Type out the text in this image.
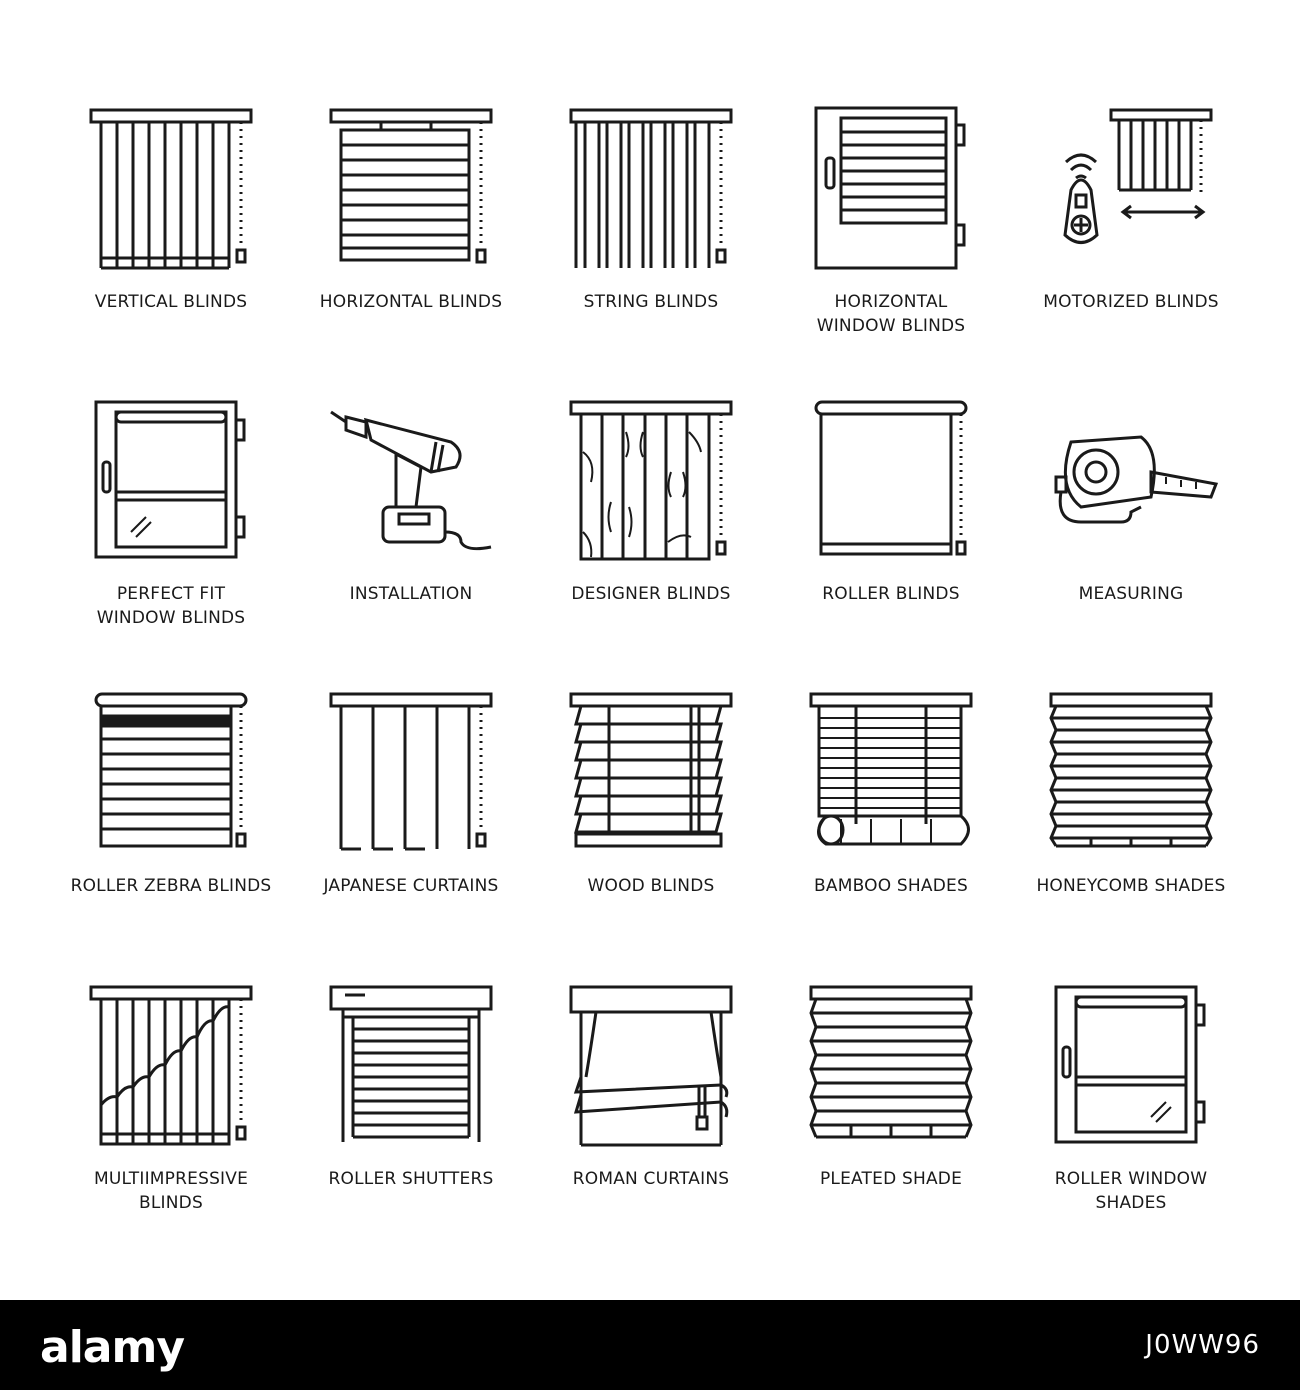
VERTICAL BLINDS	HORIZONTAL BLINDS	STRING BLINDS	HORIZONTAL
WINDOW BLINDS
MOTORIZED BLINDS
PERFECT FIT
WINDOW BLINDS
INSTALLATION	DESIGNER BLINDS	ROLLER BLINDS	MEASURING
ROLLER ZEBRA BLINDS	JAPANESE CURTAINS	WOOD BLINDS	BAMBOO SHADES	HONEYCOMB SHADES
MULTIIMPRESSIVE
BLINDS
ROLLER SHUTTERS	ROMAN CURTAINS	PLEATED SHADE	ROLLER WINDOW
SHADES
alamy	J0WW96
